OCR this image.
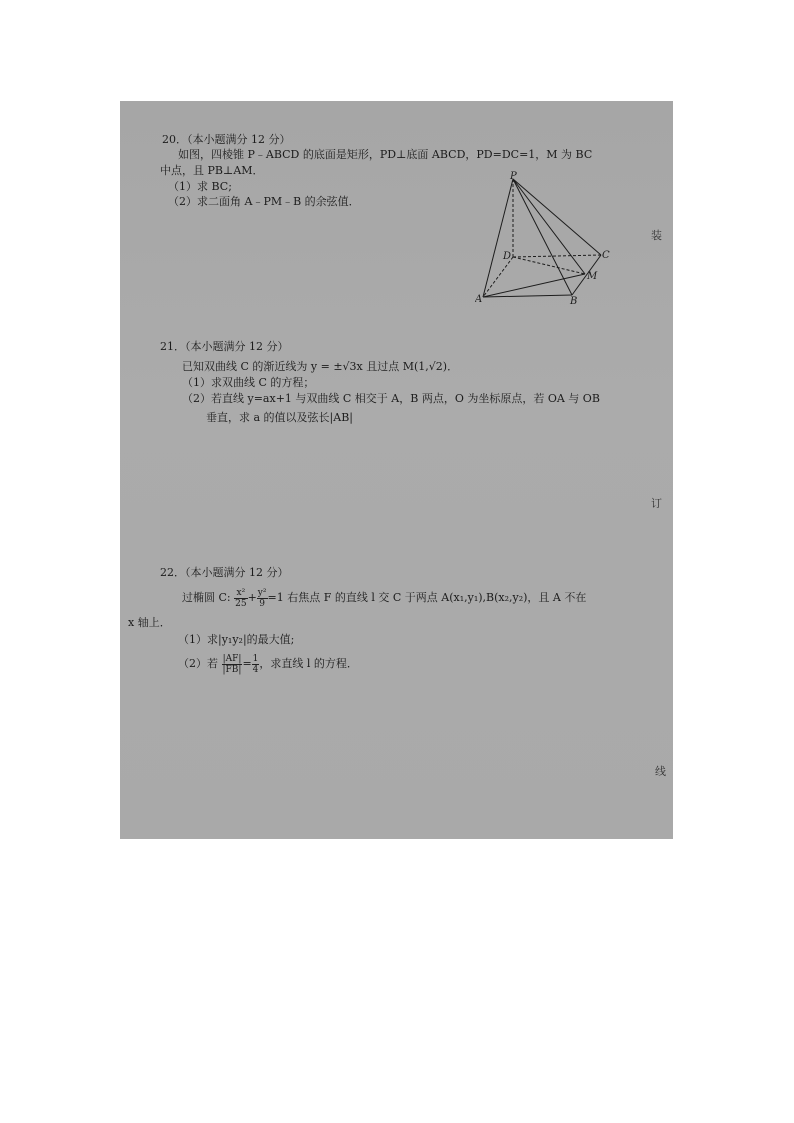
20．（本小题满分 12 分）
如图，四棱锥 P﹣ABCD 的底面是矩形，PD⊥底面 ABCD，PD=DC=1，M 为 BC
中点，且 PB⊥AM．
（1）求 BC;
（2）求二面角 A﹣PM﹣B 的余弦值．
P
D	C
M
A	B
21．（本小题满分 12 分）
已知双曲线 C 的渐近线为 y = ±√3x 且过点 M(1,√2)．
（1）求双曲线 C 的方程；
（2）若直线 y=ax+1 与双曲线 C 相交于 A，B 两点，O 为坐标原点，若 OA 与 OB
垂直，求 a 的值以及弦长|AB|
22．（本小题满分 12 分）
过椭圆 C: $\frac{\text{x²}}{25} + \frac{\text{y²}}{9} =1$ 右焦点 F 的直线 l 交 C 于两点 A(x₁,y₁),B(x₂,y₂)，且 A 不在
x 轴上．
（1）求|y₁y₂|的最大值;
（2）若 $\frac{|AF|}{|FB|} = \frac{1}{4}$ ，求直线 l 的方程．
装
订
线
